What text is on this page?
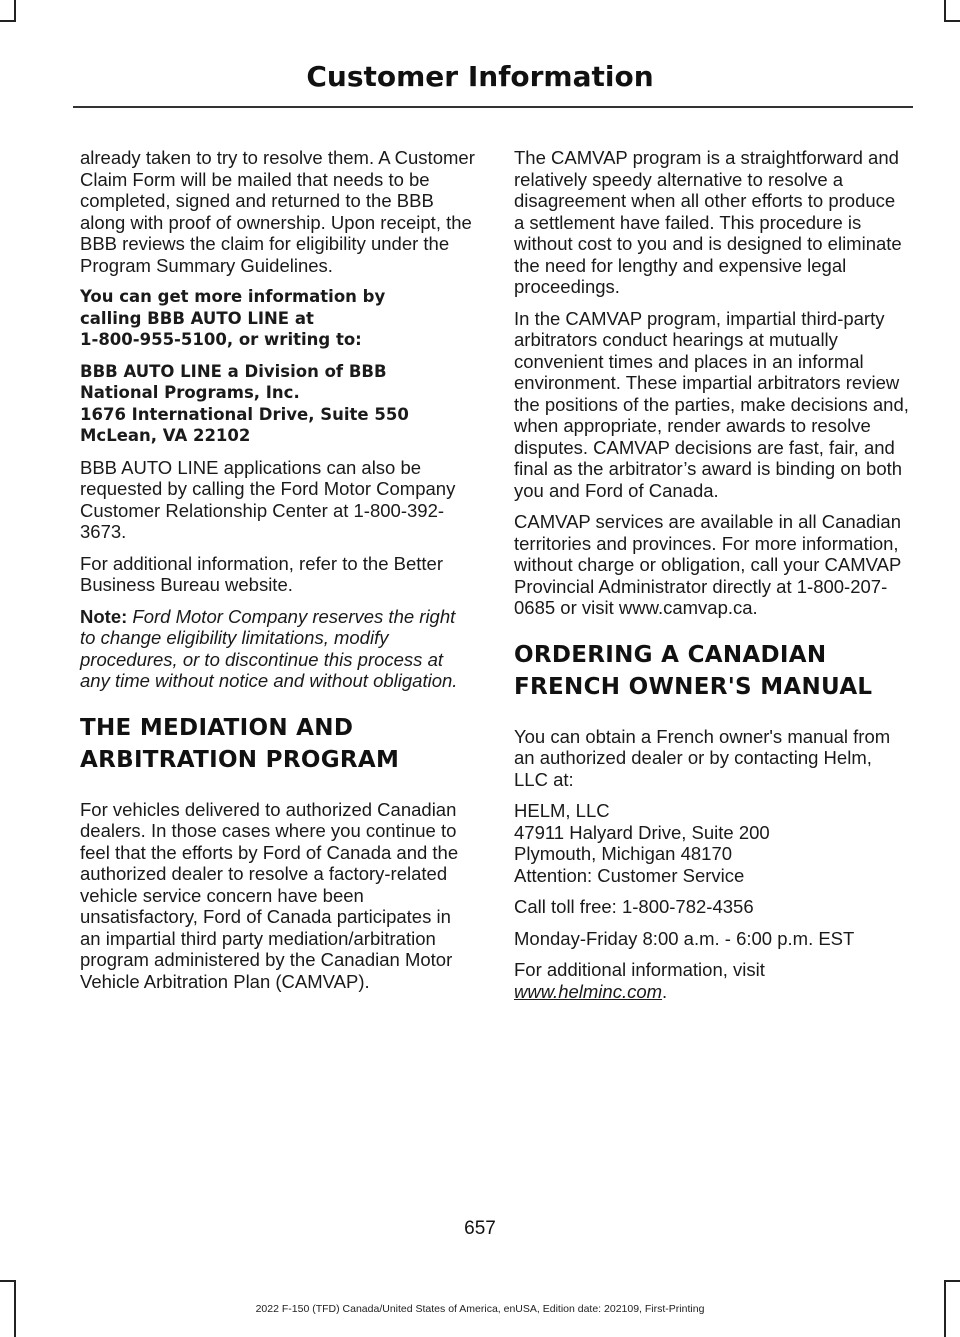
Customer Information

already taken to try to resolve them. A Customer Claim Form will be mailed that needs to be completed, signed and returned to the BBB along with proof of ownership. Upon receipt, the BBB reviews the claim for eligibility under the Program Summary Guidelines.

You can get more information by
calling BBB AUTO LINE at
1-800-955-5100, or writing to:

BBB AUTO LINE a Division of BBB
National Programs, Inc.
1676 International Drive, Suite 550
McLean, VA 22102

BBB AUTO LINE applications can also be requested by calling the Ford Motor Company Customer Relationship Center at 1-800-392-3673.

For additional information, refer to the Better Business Bureau website.

Note: Ford Motor Company reserves the right to change eligibility limitations, modify procedures, or to discontinue this process at any time without notice and without obligation.

THE MEDIATION AND
ARBITRATION PROGRAM

For vehicles delivered to authorized Canadian dealers. In those cases where you continue to feel that the efforts by Ford of Canada and the authorized dealer to resolve a factory-related vehicle service concern have been unsatisfactory, Ford of Canada participates in an impartial third party mediation/arbitration program administered by the Canadian Motor Vehicle Arbitration Plan (CAMVAP).

The CAMVAP program is a straightforward and relatively speedy alternative to resolve a disagreement when all other efforts to produce a settlement have failed. This procedure is without cost to you and is designed to eliminate the need for lengthy and expensive legal proceedings.

In the CAMVAP program, impartial third-party arbitrators conduct hearings at mutually convenient times and places in an informal environment. These impartial arbitrators review the positions of the parties, make decisions and, when appropriate, render awards to resolve disputes. CAMVAP decisions are fast, fair, and final as the arbitrator’s award is binding on both you and Ford of Canada.

CAMVAP services are available in all Canadian territories and provinces. For more information, without charge or obligation, call your CAMVAP Provincial Administrator directly at 1-800-207-0685 or visit www.camvap.ca.

ORDERING A CANADIAN
FRENCH OWNER'S MANUAL

You can obtain a French owner's manual from an authorized dealer or by contacting Helm, LLC at:

HELM, LLC
47911 Halyard Drive, Suite 200
Plymouth, Michigan 48170
Attention: Customer Service

Call toll free: 1-800-782-4356

Monday-Friday 8:00 a.m. - 6:00 p.m. EST

For additional information, visit
www.helminc.com.

657
2022 F-150 (TFD) Canada/United States of America, enUSA, Edition date: 202109, First-Printing
